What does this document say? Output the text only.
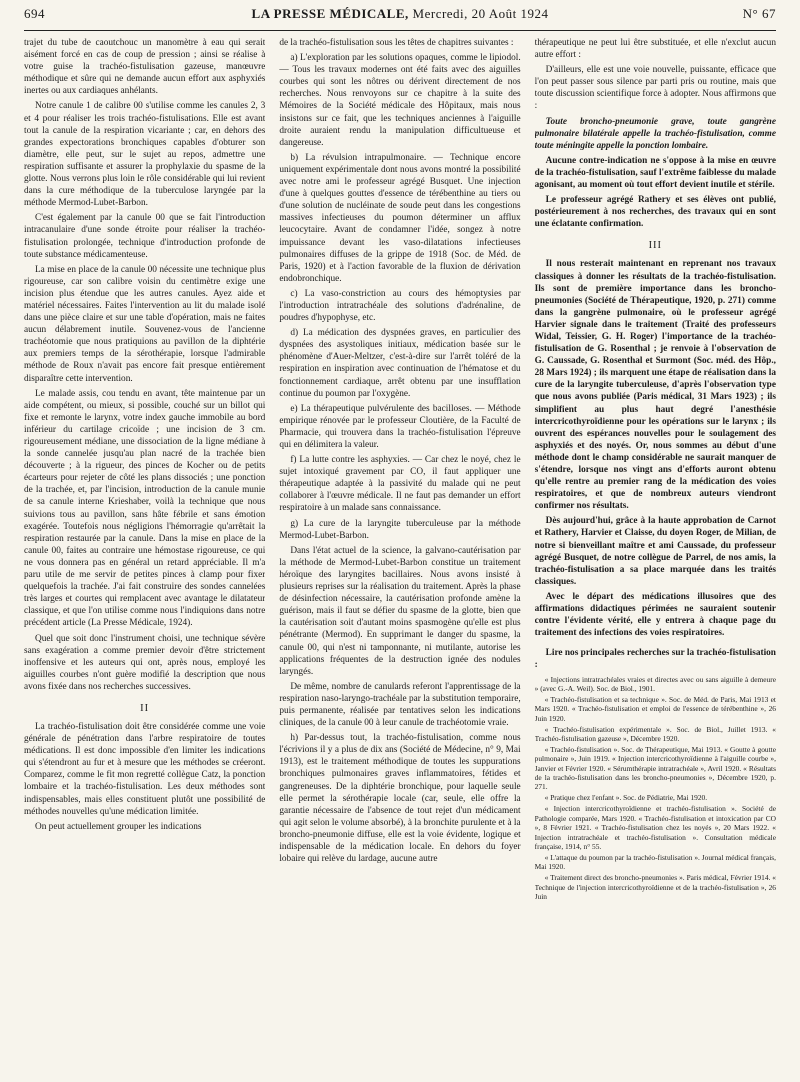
694	LA PRESSE MÉDICALE, Mercredi, 20 Août 1924	N° 67

trajet du tube de caoutchouc un manomètre à eau qui serait aisément forcé en cas de coup de pression ; ainsi se réalise à votre guise la trachéo-fistulisation gazeuse, manœuvre méthodique et sûre qui ne demande aucun effort aux asphyxiés inertes ou aux cardiaques anhélants.

Notre canule 1 de calibre 00 s'utilise comme les canules 2, 3 et 4 pour réaliser les trois trachéo-fistulisations. Elle est avant tout la canule de la respiration vicariante ; car, en dehors des grandes expectorations bronchiques capables d'obturer son diamètre, elle peut, sur le sujet au repos, admettre une respiration suffisante et assurer la prophylaxie du spasme de la glotte. Nous verrons plus loin le rôle considérable qui lui revient dans la cure méthodique de la tuberculose laryngée par la méthode Mermod-Lubet-Barbon.

C'est également par la canule 00 que se fait l'introduction intracanulaire d'une sonde étroite pour réaliser la trachéo-fistulisation prolongée, technique d'introduction profonde de toute substance médicamenteuse.

La mise en place de la canule 00 nécessite une technique plus rigoureuse, car son calibre voisin du centimètre exige une incision plus étendue que les autres canules. Ayez aide et matériel nécessaires. Faites l'intervention au lit du malade isolé dans une pièce claire et sur une table d'opération, mais ne faites aucun délabrement inutile. Souvenez-vous de l'ancienne trachéotomie que nous pratiquions au pavillon de la diphtérie aux premiers temps de la sérothérapie, lorsque l'admirable méthode de Roux n'avait pas encore fait presque entièrement disparaître cette intervention.

Le malade assis, cou tendu en avant, tête maintenue par un aide compétent, ou mieux, si possible, couché sur un billot qui fixe et remonte le larynx, votre index gauche immobile au bord inférieur du cartilage cricoïde ; une incision de 3 cm. rigoureusement médiane, une dissociation de la ligne médiane à la sonde cannelée jusqu'au plan nacré de la trachée bien découverte ; à la rigueur, des pinces de Kocher ou de petits écarteurs pour rejeter de côté les plans dissociés ; une ponction de la trachée, et, par l'incision, introduction de la canule munie de sa canule interne Krieshaber, voilà la technique que nous suivions tous au pavillon, sans hâte fébrile et sans émotion exagérée. Toutefois nous négligions l'hémorragie qu'arrêtait la respiration restaurée par la canule. Dans la mise en place de la canule 00, faites au contraire une hémostase rigoureuse, ce qui ne vous donnera pas en général un retard appréciable. Il m'a paru utile de me servir de petites pinces à clamp pour fixer quelquefois la trachée. J'ai fait construire des sondes cannelées très larges et courtes qui remplacent avec avantage le dilatateur classique, et que l'on utilise comme nous l'indiquions dans notre précédent article (La Presse Médicale, 1924).

Quel que soit donc l'instrument choisi, une technique sévère sans exagération a comme premier devoir d'être strictement inoffensive et les auteurs qui ont, après nous, employé les aiguilles courbes n'ont guère modifié la description que nous avons fixée dans nos recherches successives.

II

La trachéo-fistulisation doit être considérée comme une voie générale de pénétration dans l'arbre respiratoire de toutes médications. Il est donc impossible d'en limiter les indications qui s'étendront au fur et à mesure que les méthodes se créeront. Comparez, comme le fit mon regretté collègue Catz, la ponction lombaire et la trachéo-fistulisation. Les deux méthodes sont indispensables, mais elles constituent plutôt une possibilité de méthodes nouvelles qu'une médication limitée.

On peut actuellement grouper les indications

de la trachéo-fistulisation sous les têtes de chapitres suivantes :

a) L'exploration par les solutions opaques, comme le lipiodol. — Tous les travaux modernes ont été faits avec des aiguilles courbes qui sont les nôtres ou dérivent directement de nos recherches. Nous renvoyons sur ce chapitre à la suite des Mémoires de la Société médicale des Hôpitaux, mais nous insistons sur ce fait, que les techniques anciennes à l'aiguille droite auraient rendu la manipulation difficultueuse et dangereuse.

b) La révulsion intrapulmonaire. — Technique encore uniquement expérimentale dont nous avons montré la possibilité avec notre ami le professeur agrégé Busquet. Une injection d'une à quelques gouttes d'essence de térébenthine au tiers ou d'une solution de nucléinate de soude peut dans les congestions massives infectieuses du poumon déterminer un afflux leucocytaire. Avant de condamner l'idée, songez à notre impuissance devant les vaso-dilatations infectieuses pulmonaires diffuses de la grippe de 1918 (Soc. de Méd. de Paris, 1920) et à l'action favorable de la fluxion de dérivation endobronchique.

c) La vaso-constriction au cours des hémoptysies par l'introduction intratrachéale des solutions d'adrénaline, de poudres d'hypophyse, etc.

d) La médication des dyspnées graves, en particulier des dyspnées des asystoliques initiaux, médication basée sur le phénomène d'Auer-Meltzer, c'est-à-dire sur l'arrêt toléré de la respiration en inspiration avec continuation de l'hématose et du fonctionnement cardiaque, arrêt obtenu par une insufflation continue du poumon par l'oxygène.

e) La thérapeutique pulvérulente des bacilloses. — Méthode empirique rénovée par le professeur Cloutière, de la Faculté de Pharmacie, qui trouvera dans la trachéo-fistulisation l'épreuve qui en délimitera la valeur.

f) La lutte contre les asphyxies. — Car chez le noyé, chez le sujet intoxiqué gravement par CO, il faut appliquer une thérapeutique adaptée à la passivité du malade qui ne peut collaborer à l'œuvre médicale. Il ne faut pas demander un effort respiratoire à un malade sans connaissance.

g) La cure de la laryngite tuberculeuse par la méthode Mermod-Lubet-Barbon.

Dans l'état actuel de la science, la galvano-cautérisation par la méthode de Mermod-Lubet-Barbon constitue un traitement héroïque des laryngites bacillaires. Nous avons insisté à plusieurs reprises sur la réalisation du traitement. Après la phase de désinfection nécessaire, la cautérisation profonde amène la guérison, mais il faut se défier du spasme de la glotte, bien que la cautérisation soit d'autant moins spasmogène qu'elle est plus pénétrante (Mermod). En supprimant le danger du spasme, la canule 00, qui n'est ni tamponnante, ni mutilante, autorise les applications fréquentes de la destruction ignée des nodules laryngés.

De même, nombre de canulards referont l'apprentissage de la respiration naso-laryngo-trachéale par la substitution temporaire, puis permanente, réalisée par tentatives selon les indications cliniques, de la canule 00 à leur canule de trachéotomie vraie.

h) Par-dessus tout, la trachéo-fistulisation, comme nous l'écrivions il y a plus de dix ans (Société de Médecine, n° 9, Mai 1913), est le traitement méthodique de toutes les suppurations bronchiques pulmonaires graves inflammatoires, fétides et gangreneuses. De la diphtérie bronchique, pour laquelle seule elle permet la sérothérapie locale (car, seule, elle offre la garantie nécessaire de l'absence de tout rejet d'un médicament qui agit selon le volume absorbé), à la bronchite purulente et à la broncho-pneumonie diffuse, elle est la voie évidente, logique et indispensable de la médication locale. En dehors du foyer lobaire qui relève du lardage, aucune autre

thérapeutique ne peut lui être substituée, et elle n'exclut aucun autre effort :

D'ailleurs, elle est une voie nouvelle, puissante, efficace que l'on peut passer sous silence par parti pris ou routine, mais que toute discussion scientifique force à adopter. Nous affirmons que :

Toute broncho-pneumonie grave, toute gangrène pulmonaire bilatérale appelle la trachéo-fistulisation, comme toute méningite appelle la ponction lombaire.

Aucune contre-indication ne s'oppose à la mise en œuvre de la trachéo-fistulisation, sauf l'extrême faiblesse du malade agonisant, au moment où tout effort devient inutile et stérile.

Le professeur agrégé Rathery et ses élèves ont publié, postérieurement à nos recherches, des travaux qui en sont une éclatante confirmation.

III

Il nous resterait maintenant en reprenant nos travaux classiques à donner les résultats de la trachéo-fistulisation. Ils sont de première importance dans les broncho-pneumonies (Société de Thérapeutique, 1920, p. 271) comme dans la gangrène pulmonaire, où le professeur agrégé Harvier signale dans le traitement (Traité des professeurs Widal, Teissier, G. H. Roger) l'importance de la trachéo-fistulisation de G. Rosenthal ; je renvoie à l'observation de G. Caussade, G. Rosenthal et Surmont (Soc. méd. des Hôp., 28 Mars 1924) ; ils marquent une étape de réalisation dans la cure de la laryngite tuberculeuse, d'après l'observation type que nous avons publiée (Paris médical, 31 Mars 1923) ; ils simplifient au plus haut degré l'anesthésie intercricothyroïdienne pour les opérations sur le larynx ; ils ouvrent des espérances nouvelles pour le soulagement des asphyxiés et des noyés. Or, nous sommes au début d'une méthode dont le champ considérable ne saurait manquer de s'étendre, lorsque nos vingt ans d'efforts auront obtenu qu'elle rentre au premier rang de la médication des voies respiratoires, et que de nombreux auteurs viendront confirmer nos résultats.

Dès aujourd'hui, grâce à la haute approbation de Carnot et Rathery, Harvier et Claisse, du doyen Roger, de Milian, de notre si bienveillant maître et ami Caussade, du professeur agrégé Busquet, de notre collègue de Parrel, de nos amis, la trachéo-fistulisation a sa place marquée dans les traités classiques.

Avec le départ des médications illusoires que des affirmations didactiques périmées ne sauraient soutenir contre l'évidente vérité, elle y entrera à chaque page du traitement des infections des voies respiratoires.

Lire nos principales recherches sur la trachéo-fistulisation :

« Injections intratrachéales vraies et directes avec ou sans aiguille à demeure » (avec G.-A. Weil). Soc. de Biol., 1901.

« Trachéo-fistulisation et sa technique ». Soc. de Méd. de Paris, Mai 1913 et Mars 1920. « Trachéo-fistulisation et emploi de l'essence de térébenthine », 26 Juin 1920.

« Trachéo-fistulisation expérimentale ». Soc. de Biol., Juillet 1913. « Trachéo-fistulisation gazeuse », Décembre 1920.

« Trachéo-fistulisation ». Soc. de Thérapeutique, Mai 1913. « Goutte à goutte pulmonaire », Juin 1919. « Injection intercricothyroïdienne à l'aiguille courbe », Janvier et Février 1920. « Sérumthérapie intratrachéale », Avril 1920. « Résultats de la trachéo-fistulisation dans les broncho-pneumonies », Décembre 1920, p. 271.

« Pratique chez l'enfant ». Soc. de Pédiatrie, Mai 1920.

« Injection intercricothyroïdienne et trachéo-fistulisation ». Société de Pathologie comparée, Mars 1920. « Trachéo-fistulisation et intoxication par CO », 8 Février 1921. « Trachéo-fistulisation chez les noyés », 20 Mars 1922. « Injection intratrachéale et trachéo-fistulisation ». Consultation médicale française, 1914, n° 55.

« L'attaque du poumon par la trachéo-fistulisation ». Journal médical français, Mai 1920.

« Traitement direct des broncho-pneumonies ». Paris médical, Février 1914. « Technique de l'injection intercricothyroïdienne et de la trachéo-fistulisation », 26 Juin
